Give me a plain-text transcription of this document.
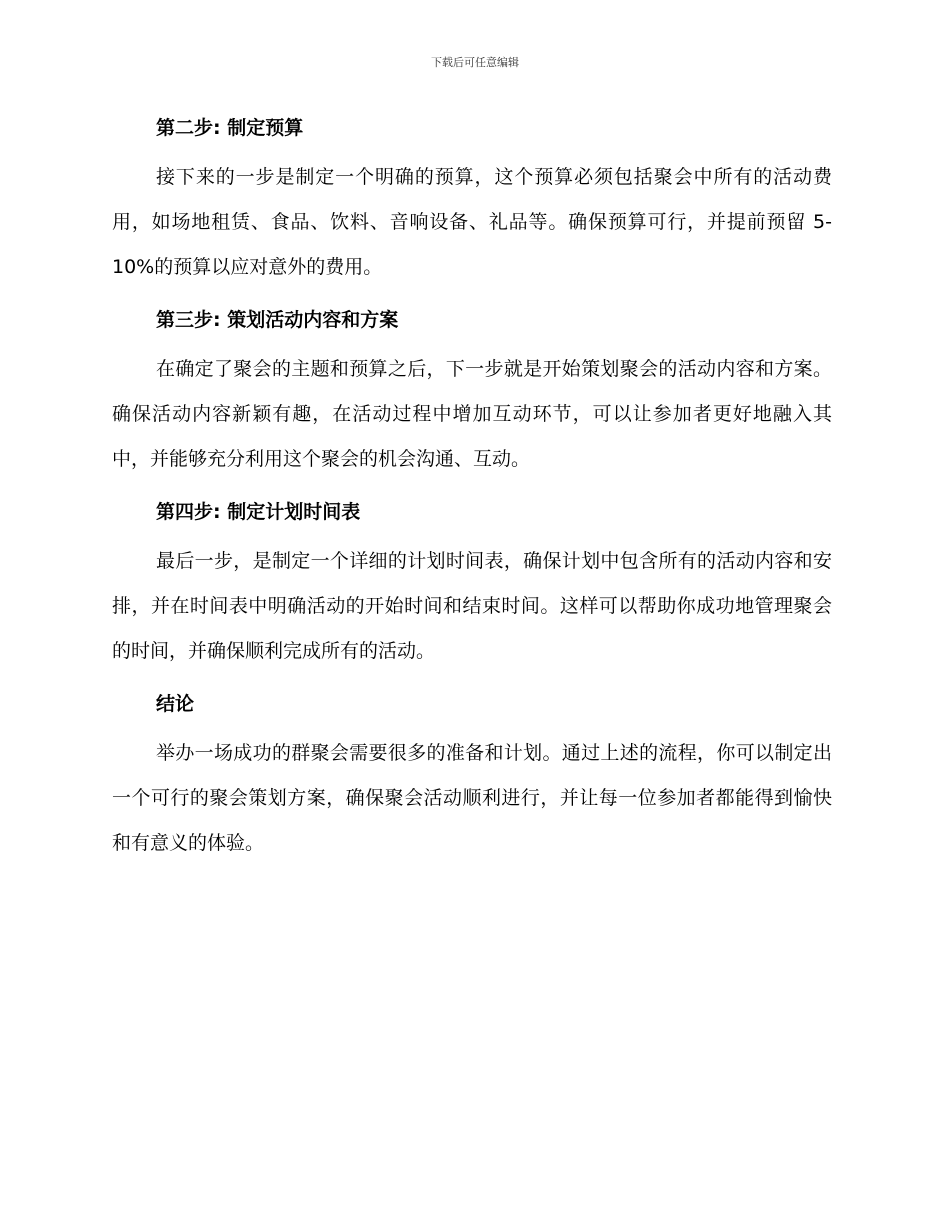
下载后可任意编辑
第二步: 制定预算

接下来的一步是制定一个明确的预算，这个预算必须包括聚会中所有的活动费用，如场地租赁、食品、饮料、音响设备、礼品等。确保预算可行，并提前预留 5-10%的预算以应对意外的费用。

第三步: 策划活动内容和方案

在确定了聚会的主题和预算之后，下一步就是开始策划聚会的活动内容和方案。确保活动内容新颖有趣，在活动过程中增加互动环节，可以让参加者更好地融入其中，并能够充分利用这个聚会的机会沟通、互动。

第四步: 制定计划时间表

最后一步，是制定一个详细的计划时间表，确保计划中包含所有的活动内容和安排，并在时间表中明确活动的开始时间和结束时间。这样可以帮助你成功地管理聚会的时间，并确保顺利完成所有的活动。

结论

举办一场成功的群聚会需要很多的准备和计划。通过上述的流程，你可以制定出一个可行的聚会策划方案，确保聚会活动顺利进行，并让每一位参加者都能得到愉快和有意义的体验。
